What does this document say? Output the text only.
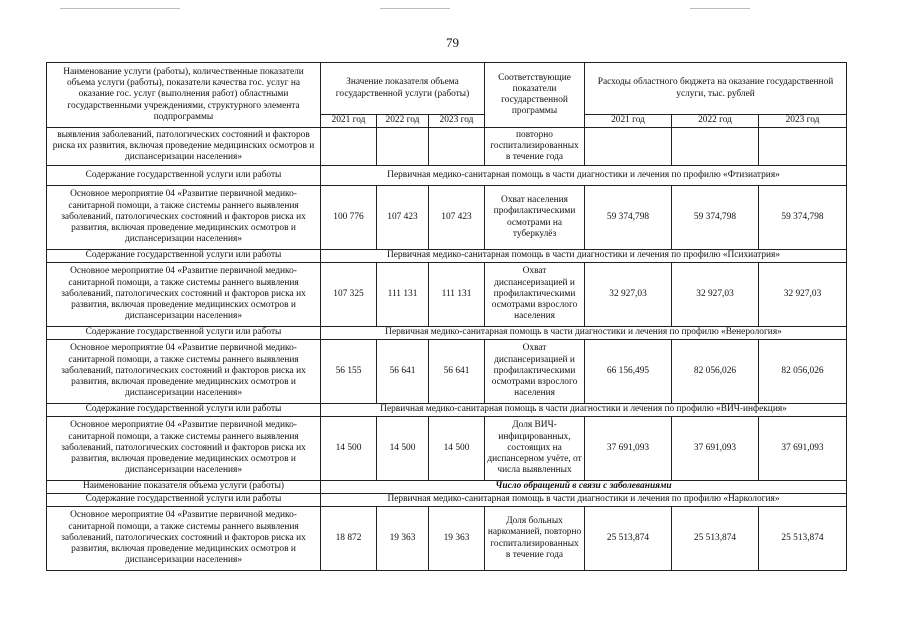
79
Наименование услуги (работы), количественные показатели объема услуги (работы), показатели качества гос. услуг на оказание гос. услуг (выполнения работ) областными государственными учреждениями, структурного элемента подпрограммы	Значение показателя объема государственной услуги (работы)			Соответствующие показатели государственной программы	Расходы областного бюджета на оказание государственной услуги, тыс. рублей		
	2021 год	2022 год	2023 год		2021 год	2022 год	2023 год
выявления заболеваний, патологических состояний и факторов риска их развития, включая проведение медицинских осмотров и диспансеризации населения»				повторно госпитализированных в течение года			
Содержание государственной услуги или работы	Первичная медико-санитарная помощь в части диагностики и лечения по профилю «Фтизиатрия»						
Основное мероприятие 04 «Развитие первичной медико-санитарной помощи, а также системы раннего выявления заболеваний, патологических состояний и факторов риска их развития, включая проведение медицинских осмотров и диспансеризации населения»	100 776	107 423	107 423	Охват населения профилактическими осмотрами на туберкулёз	59 374,798	59 374,798	59 374,798
Содержание государственной услуги или работы	Первичная медико-санитарная помощь в части диагностики и лечения по профилю «Психиатрия»						
Основное мероприятие 04 «Развитие первичной медико-санитарной помощи, а также системы раннего выявления заболеваний, патологических состояний и факторов риска их развития, включая проведение медицинских осмотров и диспансеризации населения»	107 325	111 131	111 131	Охват диспансеризацией и профилактическими осмотрами взрослого населения	32 927,03	32 927,03	32 927,03
Содержание государственной услуги или работы	Первичная медико-санитарная помощь в части диагностики и лечения по профилю «Венерология»						
Основное мероприятие 04 «Развитие первичной медико-санитарной помощи, а также системы раннего выявления заболеваний, патологических состояний и факторов риска их развития, включая проведение медицинских осмотров и диспансеризации населения»	56 155	56 641	56 641	Охват диспансеризацией и профилактическими осмотрами взрослого населения	66 156,495	82 056,026	82 056,026
Содержание государственной услуги или работы	Первичная медико-санитарная помощь в части диагностики и лечения по профилю «ВИЧ-инфекция»						
Основное мероприятие 04 «Развитие первичной медико-санитарной помощи, а также системы раннего выявления заболеваний, патологических состояний и факторов риска их развития, включая проведение медицинских осмотров и диспансеризации населения»	14 500	14 500	14 500	Доля ВИЧ-инфицированных, состоящих на диспансерном учёте, от числа выявленных	37 691,093	37 691,093	37 691,093
Наименование показателя объема услуги (работы)	Число обращений в связи с заболеваниями						
Содержание государственной услуги или работы	Первичная медико-санитарная помощь в части диагностики и лечения по профилю «Наркология»						
Основное мероприятие 04 «Развитие первичной медико-санитарной помощи, а также системы раннего выявления заболеваний, патологических состояний и факторов риска их развития, включая проведение медицинских осмотров и диспансеризации населения»	18 872	19 363	19 363	Доля больных наркоманией, повторно госпитализированных в течение года	25 513,874	25 513,874	25 513,874
